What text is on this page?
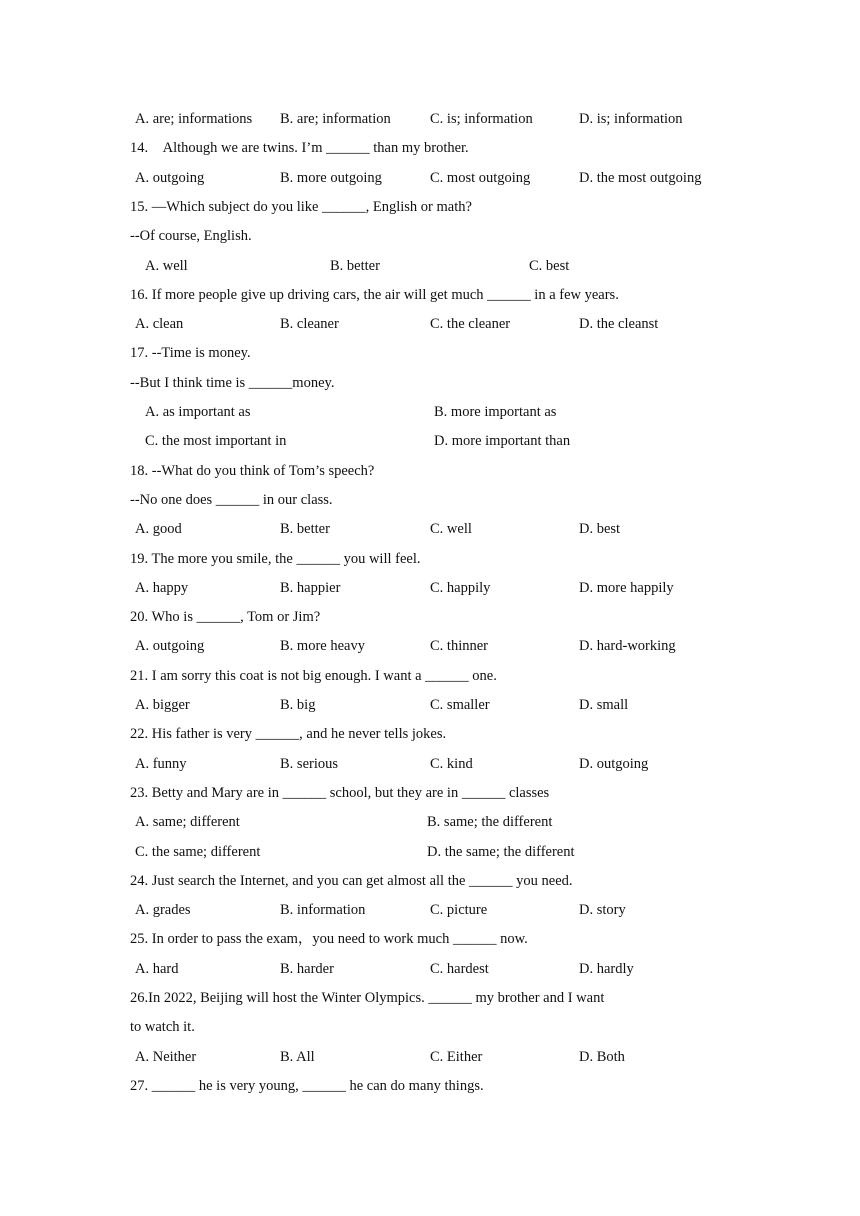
A. are; informations B. are; information	C. is; information	D. is; information
14.　Although we are twins. I’m ______ than my brother.
A. outgoing	B. more outgoing	C. most outgoing	D. the most outgoing
15. —Which subject do you like ______, English or math?
--Of course, English.
A. well	B. better	C. best
16. If more people give up driving cars, the air will get much ______ in a few years.
A. clean	B. cleaner	C. the cleaner	D. the cleanst
17. --Time is money.
--But I think time is ______money.
A. as important as	B. more important as
C. the most important in	D. more important than
18. --What do you think of Tom’s speech?
--No one does ______ in our class.
A. good	B. better	C. well	D. best
19. The more you smile, the ______ you will feel.
A. happy	B. happier	C. happily	D. more happily
20. Who is ______, Tom or Jim?
A. outgoing	B. more heavy	C. thinner	D. hard-working
21. I am sorry this coat is not big enough. I want a ______ one.
A. bigger	B. big	C. smaller	D. small
22. His father is very ______, and he never tells jokes.
A. funny	B. serious	C. kind	D. outgoing
23. Betty and Mary are in ______ school, but they are in ______ classes
A. same; different	B. same; the different
C. the same; different	D. the same; the different
24. Just search the Internet, and you can get almost all the ______ you need.
A. grades	B. information	C. picture	D. story
25. In order to pass the exam，you need to work much ______ now.
A. hard	B. harder	C. hardest	D. hardly
26.In 2022, Beijing will host the Winter Olympics. ______ my brother and I want
to watch it.
A. Neither	B. All	C. Either	D. Both
27. ______ he is very young, ______ he can do many things.
